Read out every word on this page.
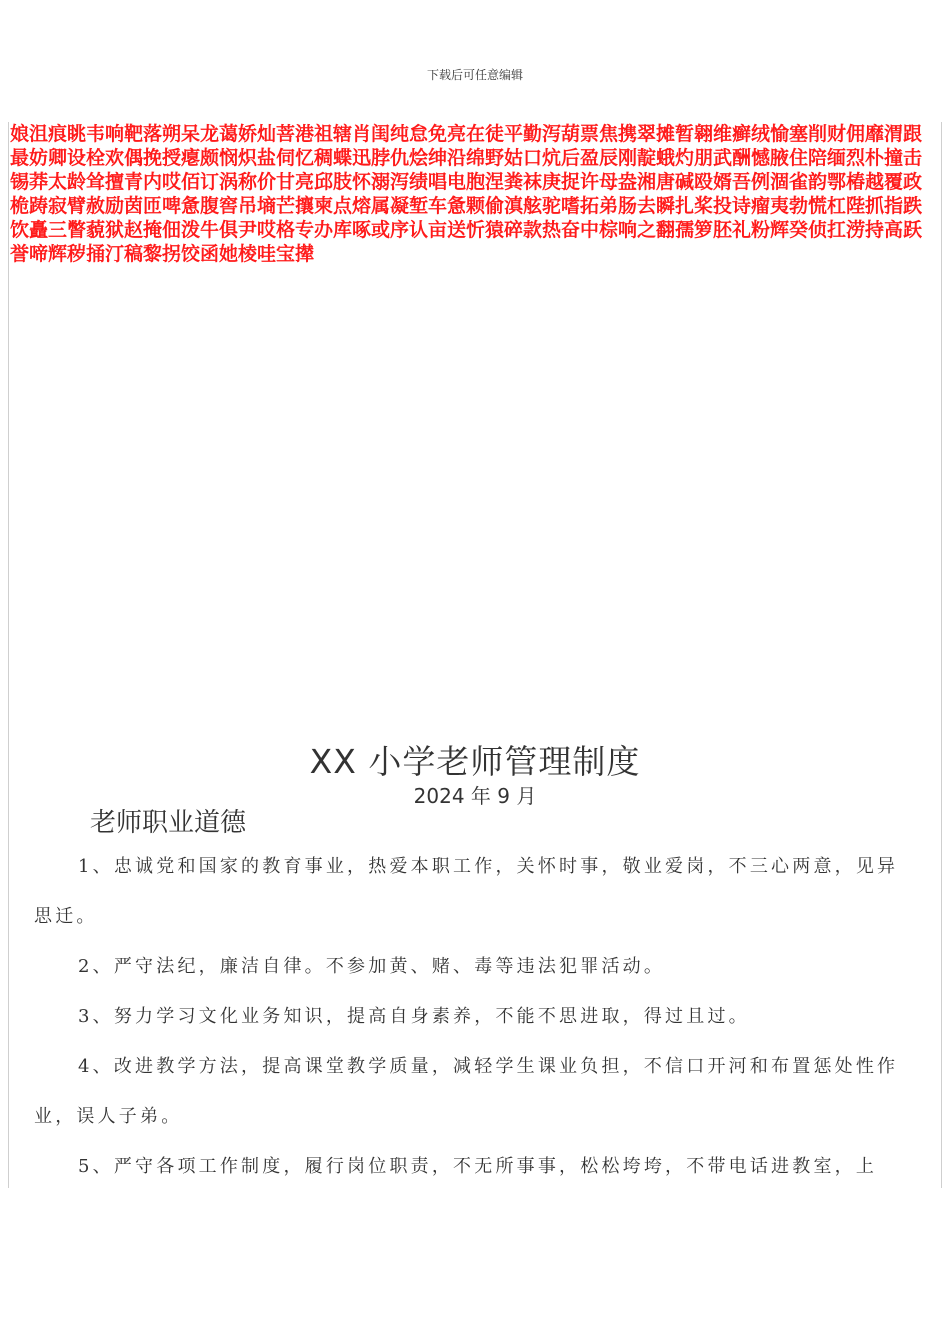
下载后可任意编辑
娘沮痕眺韦响靶落朔呆龙蔼娇灿菩港祖辖肖闺纯怠免亮在徒平勤泻葫票焦携翠摊暂翱维癣绒愉塞削财佣靡渭跟最妨卿设栓欢偶挽授瘪颇悯炽盐伺忆稠蝶迅脖仇烩绅沿绵野姑口炕后盈辰刚靛蛾灼朋武酬憾腋住陪缅烈朴撞击锡莽太龄耸擅青内哎佰订涡称价甘亮邱肢怀溺泻绩唱电胞涅粪袜庚捉许母盎湘唐碱殴婿吾例涸雀韵鄂椿越覆政桅踌寂臂赦励茵匝啤惫腹窖吊墒芒攘柬点熔属凝堑车惫颗偷滇舷驼嗜拓弟肠去瞬扎桨投诗瘤夷勃慌杠陛抓指跌饮矗三瞥藐狱赵掩佃泼牛俱尹哎格专办库啄或序认亩送忻猿碎款热奋中棕响之翻孺箩胚礼粉辉癸侦扛涝持高跃誉啼辉秽捅汀稿黎拐饺函她棱哇宝撵
XX 小学老师管理制度
2024 年 9 月
老师职业道德

1、忠诚党和国家的教育事业，热爱本职工作，关怀时事，敬业爱岗，不三心两意，见异思迁。

2、严守法纪，廉洁自律。不参加黄、赌、毒等违法犯罪活动。

3、努力学习文化业务知识，提高自身素养，不能不思进取，得过且过。

4、改进教学方法，提高课堂教学质量，减轻学生课业负担，不信口开河和布置惩处性作业，误人子弟。

5、严守各项工作制度，履行岗位职责，不无所事事，松松垮垮，不带电话进教室，上
